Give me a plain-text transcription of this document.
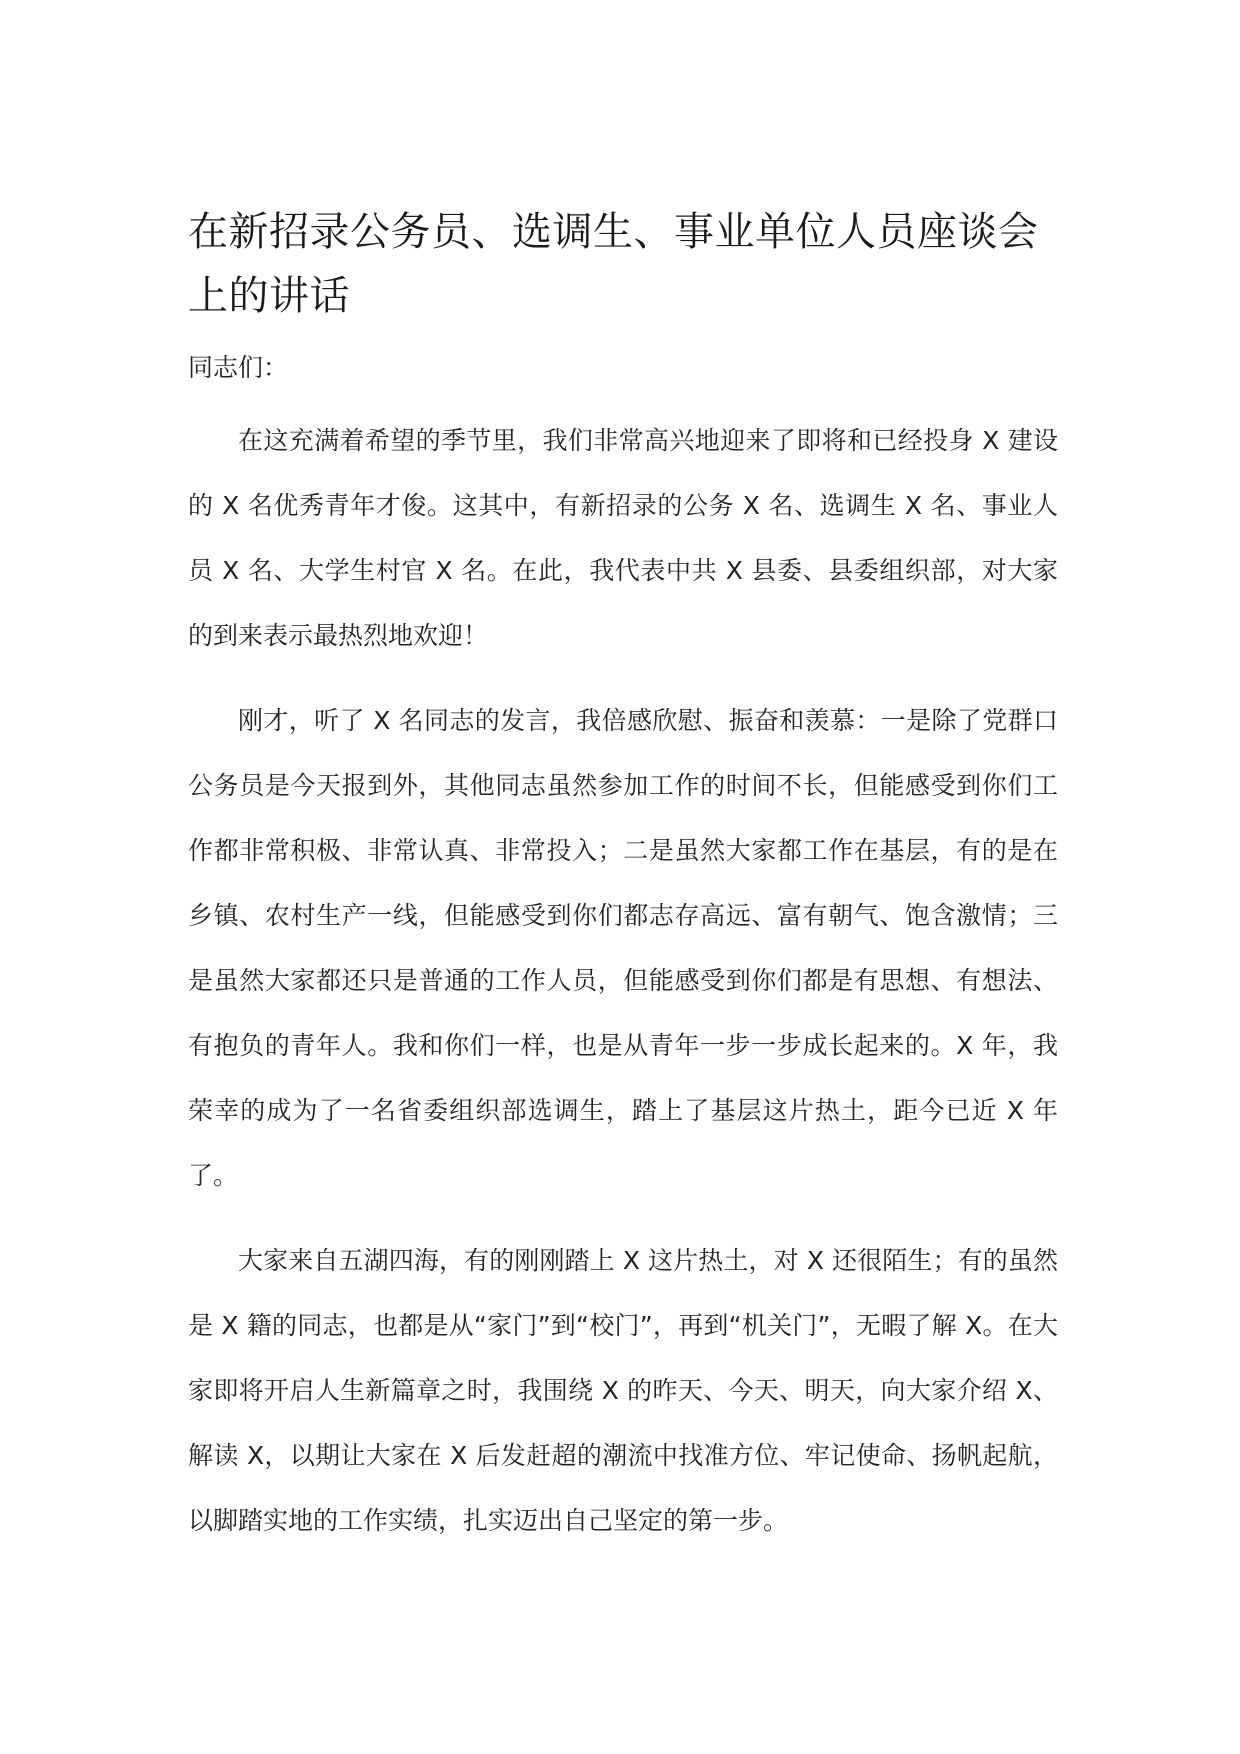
在新招录公务员、选调生、事业单位人员座谈会上的讲话

同志们：

在这充满着希望的季节里，我们非常高兴地迎来了即将和已经投身 X 建设的 X 名优秀青年才俊。这其中，有新招录的公务 X 名、选调生 X 名、事业人员 X 名、大学生村官 X 名。在此，我代表中共 X 县委、县委组织部，对大家的到来表示最热烈地欢迎！

刚才，听了 X 名同志的发言，我倍感欣慰、振奋和羡慕：一是除了党群口公务员是今天报到外，其他同志虽然参加工作的时间不长，但能感受到你们工作都非常积极、非常认真、非常投入；二是虽然大家都工作在基层，有的是在乡镇、农村生产一线，但能感受到你们都志存高远、富有朝气、饱含激情；三是虽然大家都还只是普通的工作人员，但能感受到你们都是有思想、有想法、有抱负的青年人。我和你们一样，也是从青年一步一步成长起来的。X 年，我荣幸的成为了一名省委组织部选调生，踏上了基层这片热土，距今已近 X 年了。

大家来自五湖四海，有的刚刚踏上 X 这片热土，对 X 还很陌生；有的虽然是 X 籍的同志，也都是从“家门”到“校门”，再到“机关门”，无暇了解 X。在大家即将开启人生新篇章之时，我围绕 X 的昨天、今天、明天，向大家介绍 X、解读 X，以期让大家在 X 后发赶超的潮流中找准方位、牢记使命、扬帆起航，以脚踏实地的工作实绩，扎实迈出自己坚定的第一步。
